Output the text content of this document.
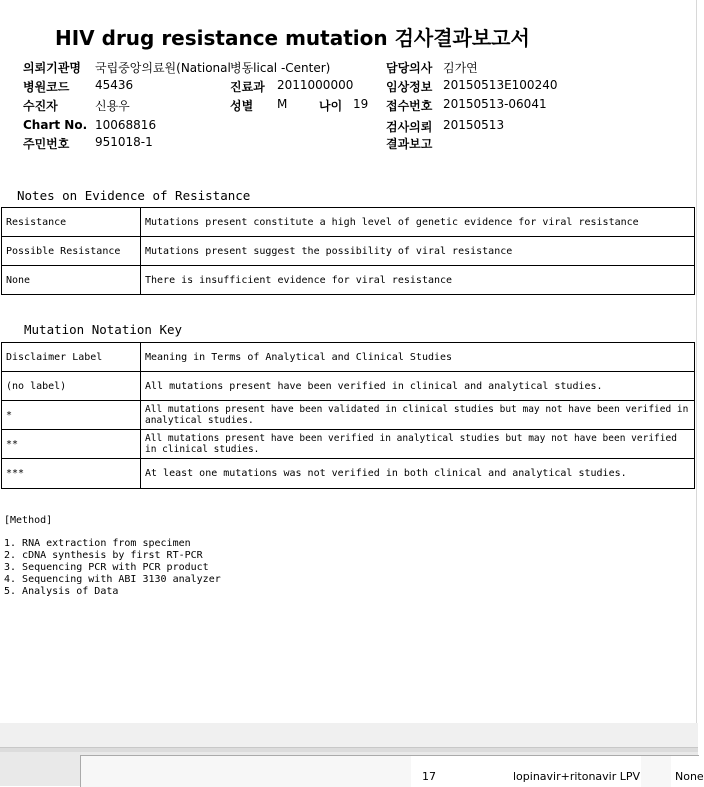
HIV drug resistance mutation 검사결과보고서
의뢰기관명 국립중앙의료원(National 병동lical -Center)	담당의사 김가연
병원코드 45436	진료과 2011000000	임상정보 20150513E100240
수진자	신용우	성별 M	나이 19 접수번호 20150513-06041
Chart No. 10068816	검사의뢰 20150513
주민번호 951018-1	결과보고
Notes on Evidence of Resistance
Resistance	Mutations present constitute a high level of genetic evidence for viral resistance
Possible Resistance	Mutations present suggest the possibility of viral resistance
None	There is insufficient evidence for viral resistance
Mutation Notation Key
Disclaimer Label	Meaning in Terms of Analytical and Clinical Studies
(no label)	All mutations present have been verified in clinical and analytical studies.
*	All mutations present have been validated in clinical studies but may not have been verified in analytical studies.
**	All mutations present have been verified in analytical studies but may not have been verified in clinical studies.
***	At least one mutations was not verified in both clinical and analytical studies.
[Method]
1. RNA extraction from specimen
2. cDNA synthesis by first RT-PCR
3. Sequencing PCR with PCR product
4. Sequencing with ABI 3130 analyzer
5. Analysis of Data
17	lopinavir+ritonavir LPV	None
